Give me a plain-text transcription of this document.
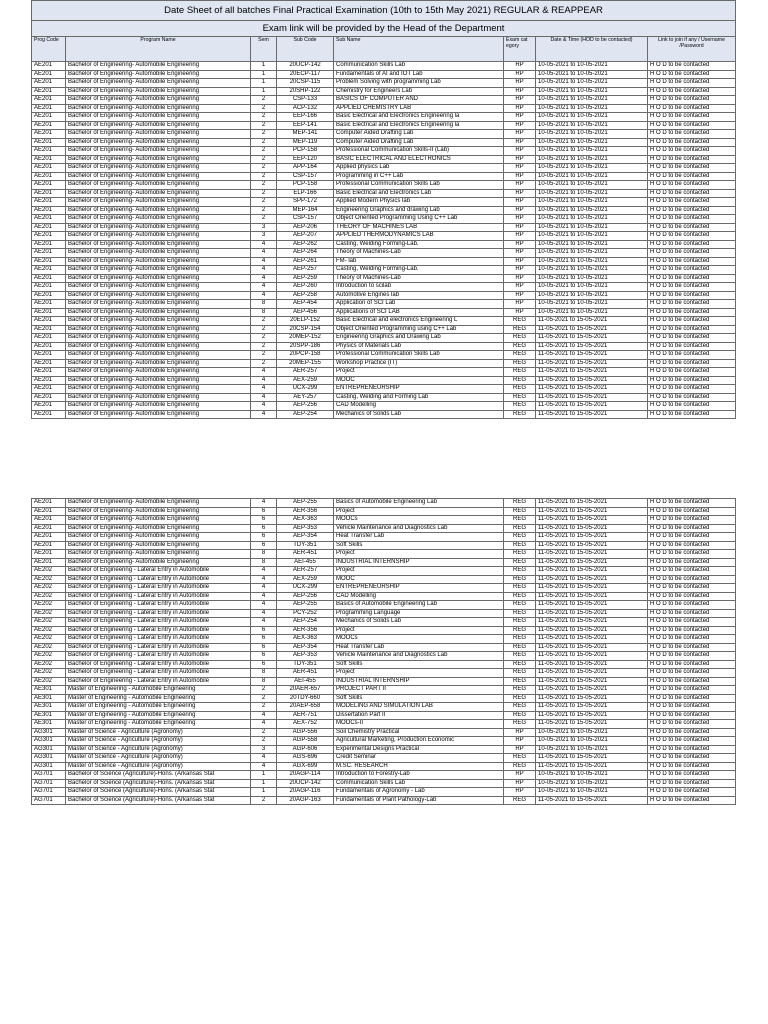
Date Sheet of all batches Final Practical Examination (10th to 15th May 2021) REGULAR & REAPPEAR							
Exam link will be provided by the Head of the Department							
Prog Code	Program Name	Sem	Sub Code	Sub Name	Exam cat egory	Date & Time (HOD to be contacted)	Link to join if any / Username /Password
AE201	Bachelor of Engineering- Automobile Engineering	1	20UCP-142	Communication Skills Lab	RP	10-05-2021 to 10-05-2021	H O D to be contacted
AE201	Bachelor of Engineering- Automobile Engineering	1	20ECP-117	Fundamentals of AI and IOT Lab	RP	10-05-2021 to 10-05-2021	H O D to be contacted
AE201	Bachelor of Engineering- Automobile Engineering	1	20CSP-115	Problem Solving with programming Lab	RP	10-05-2021 to 10-05-2021	H O D to be contacted
AE201	Bachelor of Engineering- Automobile Engineering	1	20SHP-122	Chemistry for Engineers Lab	RP	10-05-2021 to 10-05-2021	H O D to be contacted
AE201	Bachelor of Engineering- Automobile Engineering	2	CSP-133	BASICS OF COMPUTER AND	RP	10-05-2021 to 10-05-2021	H O D to be contacted
AE201	Bachelor of Engineering- Automobile Engineering	2	ACP-132	APPLIED CHEMISTRY LAB	RP	10-05-2021 to 10-05-2021	H O D to be contacted
AE201	Bachelor of Engineering- Automobile Engineering	2	EEP-166	Basic Electrical and Electronics Engineering la	RP	10-05-2021 to 10-05-2021	H O D to be contacted
AE201	Bachelor of Engineering- Automobile Engineering	2	EEP-141	Basic Electrical and Electronics Engineering la	RP	10-05-2021 to 10-05-2021	H O D to be contacted
AE201	Bachelor of Engineering- Automobile Engineering	2	MEP-141	Computer Aided Drafting Lab	RP	10-05-2021 to 10-05-2021	H O D to be contacted
AE201	Bachelor of Engineering- Automobile Engineering	2	MEP-119	Computer Aided Drafting Lab	RP	10-05-2021 to 10-05-2021	H O D to be contacted
AE201	Bachelor of Engineering- Automobile Engineering	2	PCP-158	Professional Communication Skills-II (Lab)	RP	10-05-2021 to 10-05-2021	H O D to be contacted
AE201	Bachelor of Engineering- Automobile Engineering	2	EEP-120	BASIC ELECTRICAL AND ELECTRONICS	RP	10-05-2021 to 10-05-2021	H O D to be contacted
AE201	Bachelor of Engineering- Automobile Engineering	2	APP-164	Applied physics Lab	RP	10-05-2021 to 10-05-2021	H O D to be contacted
AE201	Bachelor of Engineering- Automobile Engineering	2	CSP-157	Programming in C++ Lab	RP	10-05-2021 to 10-05-2021	H O D to be contacted
AE201	Bachelor of Engineering- Automobile Engineering	2	PCP-158	Professional Communication Skills Lab	RP	10-05-2021 to 10-05-2021	H O D to be contacted
AE201	Bachelor of Engineering- Automobile Engineering	2	ELP-166	Basic Electrical and Electronics Lab	RP	10-05-2021 to 10-05-2021	H O D to be contacted
AE201	Bachelor of Engineering- Automobile Engineering	2	SPP-172	Applied Modern Physics lab	RP	10-05-2021 to 10-05-2021	H O D to be contacted
AE201	Bachelor of Engineering- Automobile Engineering	2	MEP-164	Engineering Graphics and drawing Lab	RP	10-05-2021 to 10-05-2021	H O D to be contacted
AE201	Bachelor of Engineering- Automobile Engineering	2	CSP-157	Object Oriented Programming Using C++ Lab	RP	10-05-2021 to 10-05-2021	H O D to be contacted
AE201	Bachelor of Engineering- Automobile Engineering	3	AEP-206	THEORY OF MACHINES LAB	RP	10-05-2021 to 10-05-2021	H O D to be contacted
AE201	Bachelor of Engineering- Automobile Engineering	3	AEP-207	APPLIED THERMODYNAMICS LAB	RP	10-05-2021 to 10-05-2021	H O D to be contacted
AE201	Bachelor of Engineering- Automobile Engineering	4	AEP-262	Casting, Welding Forming-Lab.	RP	10-05-2021 to 10-05-2021	H O D to be contacted
AE201	Bachelor of Engineering- Automobile Engineering	4	AEP-264	Theory of Machines-Lab	RP	10-05-2021 to 10-05-2021	H O D to be contacted
AE201	Bachelor of Engineering- Automobile Engineering	4	AEP-261	FM- lab	RP	10-05-2021 to 10-05-2021	H O D to be contacted
AE201	Bachelor of Engineering- Automobile Engineering	4	AEP-257	Casting, Welding Forming-Lab.	RP	10-05-2021 to 10-05-2021	H O D to be contacted
AE201	Bachelor of Engineering- Automobile Engineering	4	AEP-259	Theory of Machines-Lab	RP	10-05-2021 to 10-05-2021	H O D to be contacted
AE201	Bachelor of Engineering- Automobile Engineering	4	AEP-260	Introduction to scilab	RP	10-05-2021 to 10-05-2021	H O D to be contacted
AE201	Bachelor of Engineering- Automobile Engineering	4	AEP-258	Automotive Engines lab	RP	10-05-2021 to 10-05-2021	H O D to be contacted
AE201	Bachelor of Engineering- Automobile Engineering	8	AEP-454	Application of SCI Lab	RP	10-05-2021 to 10-05-2021	H O D to be contacted
AE201	Bachelor of Engineering- Automobile Engineering	8	AEP-456	Applications of SCI LAB	RP	10-05-2021 to 10-05-2021	H O D to be contacted
AE201	Bachelor of Engineering- Automobile Engineering	2	20ELP-152	Basic Electrical and electronics Engineering L	REG	11-05-2021 to 15-05-2021	H O D to be contacted
AE201	Bachelor of Engineering- Automobile Engineering	2	20CSP-154	Object Oriented Programming using C++ Lab	REG	11-05-2021 to 15-05-2021	H O D to be contacted
AE201	Bachelor of Engineering- Automobile Engineering	2	20MEP-152	Engineering Graphics and Drawing Lab	REG	11-05-2021 to 15-05-2021	H O D to be contacted
AE201	Bachelor of Engineering- Automobile Engineering	2	20SPP-186	Physics of Materials Lab	REG	11-05-2021 to 15-05-2021	H O D to be contacted
AE201	Bachelor of Engineering- Automobile Engineering	2	20PCP-158	Professional Communication Skills Lab	REG	11-05-2021 to 15-05-2021	H O D to be contacted
AE201	Bachelor of Engineering- Automobile Engineering	2	20MEP-155	Workshop Practice (IT)	REG	11-05-2021 to 15-05-2021	H O D to be contacted
AE201	Bachelor of Engineering- Automobile Engineering	4	AER-257	Project	REG	11-05-2021 to 15-05-2021	H O D to be contacted
AE201	Bachelor of Engineering- Automobile Engineering	4	AEX-259	MOOC	REG	11-05-2021 to 15-05-2021	H O D to be contacted
AE201	Bachelor of Engineering- Automobile Engineering	4	UCX-299	ENTREPRENEURSHIP	REG	11-05-2021 to 15-05-2021	H O D to be contacted
AE201	Bachelor of Engineering- Automobile Engineering	4	AEY-257	Casting, Welding and Forming Lab	REG	11-05-2021 to 15-05-2021	H O D to be contacted
AE201	Bachelor of Engineering- Automobile Engineering	4	AEP-256	CAD Modelling	REG	11-05-2021 to 15-05-2021	H O D to be contacted
AE201	Bachelor of Engineering- Automobile Engineering	4	AEP-254	Mechanics of Solids Lab	REG	11-05-2021 to 15-05-2021	H O D to be contacted
AE201	Bachelor of Engineering- Automobile Engineering	4	AEP-255	Basics of Automobile Engineering Lab	REG	11-05-2021 to 15-05-2021	H O D to be contacted
AE201	Bachelor of Engineering- Automobile Engineering	6	AER-356	Project	REG	11-05-2021 to 15-05-2021	H O D to be contacted
AE201	Bachelor of Engineering- Automobile Engineering	6	AEX-363	MOOCs	REG	11-05-2021 to 15-05-2021	H O D to be contacted
AE201	Bachelor of Engineering- Automobile Engineering	6	AEP-353	Vehicle Maintenance and Diagnostics Lab	REG	11-05-2021 to 15-05-2021	H O D to be contacted
AE201	Bachelor of Engineering- Automobile Engineering	6	AEP-354	Heat Transfer Lab	REG	11-05-2021 to 15-05-2021	H O D to be contacted
AE201	Bachelor of Engineering- Automobile Engineering	6	TDY-351	Soft Skills	REG	11-05-2021 to 15-05-2021	H O D to be contacted
AE201	Bachelor of Engineering- Automobile Engineering	8	AER-451	Project	REG	11-05-2021 to 15-05-2021	H O D to be contacted
AE201	Bachelor of Engineering- Automobile Engineering	8	AEI-455	INDUSTRIAL INTERNSHIP	REG	11-05-2021 to 15-05-2021	H O D to be contacted
AE202	Bachelor of Engineering - Lateral Entry in Automobile	4	AER-257	Project	REG	11-05-2021 to 15-05-2021	H O D to be contacted
AE202	Bachelor of Engineering - Lateral Entry in Automobile	4	AEX-259	MOOC	REG	11-05-2021 to 15-05-2021	H O D to be contacted
AE202	Bachelor of Engineering - Lateral Entry in Automobile	4	UCX-299	ENTREPRENEURSHIP	REG	11-05-2021 to 15-05-2021	H O D to be contacted
AE202	Bachelor of Engineering - Lateral Entry in Automobile	4	AEP-256	CAD Modelling	REG	11-05-2021 to 15-05-2021	H O D to be contacted
AE202	Bachelor of Engineering - Lateral Entry in Automobile	4	AEP-255	Basics of Automobile Engineering Lab	REG	11-05-2021 to 15-05-2021	H O D to be contacted
AE202	Bachelor of Engineering - Lateral Entry in Automobile	4	PCY-252	Programming Language	REG	11-05-2021 to 15-05-2021	H O D to be contacted
AE202	Bachelor of Engineering - Lateral Entry in Automobile	4	AEP-254	Mechanics of Solids Lab	REG	11-05-2021 to 15-05-2021	H O D to be contacted
AE202	Bachelor of Engineering - Lateral Entry in Automobile	6	AER-356	Project	REG	11-05-2021 to 15-05-2021	H O D to be contacted
AE202	Bachelor of Engineering - Lateral Entry in Automobile	6	AEX-363	MOOCs	REG	11-05-2021 to 15-05-2021	H O D to be contacted
AE202	Bachelor of Engineering - Lateral Entry in Automobile	6	AEP-354	Heat Transfer Lab	REG	11-05-2021 to 15-05-2021	H O D to be contacted
AE202	Bachelor of Engineering - Lateral Entry in Automobile	6	AEP-353	Vehicle Maintenance and Diagnostics Lab	REG	11-05-2021 to 15-05-2021	H O D to be contacted
AE202	Bachelor of Engineering - Lateral Entry in Automobile	6	TDY-351	Soft Skills	REG	11-05-2021 to 15-05-2021	H O D to be contacted
AE202	Bachelor of Engineering - Lateral Entry in Automobile	8	AER-451	Project	REG	11-05-2021 to 15-05-2021	H O D to be contacted
AE202	Bachelor of Engineering - Lateral Entry in Automobile	8	AEI-455	INDUSTRIAL INTERNSHIP	REG	11-05-2021 to 15-05-2021	H O D to be contacted
AE301	Master of Engineering - Automobile Engineering	2	20AER-657	PROJECT PART II	REG	11-05-2021 to 15-05-2021	H O D to be contacted
AE301	Master of Engineering - Automobile Engineering	2	20TDY-660	Soft Skills	REG	11-05-2021 to 15-05-2021	H O D to be contacted
AE301	Master of Engineering - Automobile Engineering	2	20AEP-658	MODELING AND SIMULATION LAB	REG	11-05-2021 to 15-05-2021	H O D to be contacted
AE301	Master of Engineering - Automobile Engineering	4	AER-751	Dissertation Part II	REG	11-05-2021 to 15-05-2021	H O D to be contacted
AE301	Master of Engineering - Automobile Engineering	4	AEX-752	MOOCs-II	REG	11-05-2021 to 15-05-2021	H O D to be contacted
AG301	Master of Science - Agriculture (Agronomy)	2	AGP-556	Soil Chemistry Practical	RP	10-05-2021 to 10-05-2021	H O D to be contacted
AG301	Master of Science - Agriculture (Agronomy)	2	AGP-558	Agricultural Marketing, Production Economic	RP	10-05-2021 to 10-05-2021	H O D to be contacted
AG301	Master of Science - Agriculture (Agronomy)	3	AGP-606	Experimental Designs Practical	RP	10-05-2021 to 10-05-2021	H O D to be contacted
AG301	Master of Science - Agriculture (Agronomy)	4	AGS-696	Credit Seminar	REG	11-05-2021 to 15-05-2021	H O D to be contacted
AG301	Master of Science - Agriculture (Agronomy)	4	AGX-699	M.SC. RESEARCH	REG	11-05-2021 to 15-05-2021	H O D to be contacted
AG701	Bachelor of Science (Agriculture)-Hons. (Arkansas Stat	1	20AGP-114	Introduction to Forestry-Lab	RP	10-05-2021 to 10-05-2021	H O D to be contacted
AG701	Bachelor of Science (Agriculture)-Hons. (Arkansas Stat	1	20UCP-142	Communication Skills Lab	RP	10-05-2021 to 10-05-2021	H O D to be contacted
AG701	Bachelor of Science (Agriculture)-Hons. (Arkansas Stat	1	20AGP-116	Fundamentals of Agronomy - Lab	RP	10-05-2021 to 10-05-2021	H O D to be contacted
AG701	Bachelor of Science (Agriculture)-Hons. (Arkansas Stat	2	20AGP-163	Fundamentals of Plant Pathology-Lab	REG	11-05-2021 to 15-05-2021	H O D to be contacted
